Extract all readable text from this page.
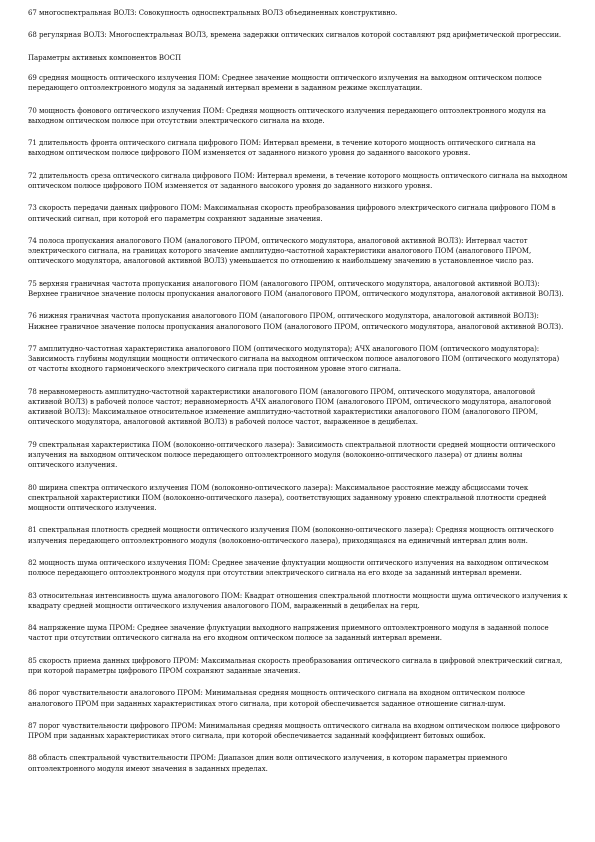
67 многоспектральная ВОЛЗ: Совокупность односпектральных ВОЛЗ объединенных конструктивно.

68 регулярная ВОЛЗ: Многоспектральная ВОЛЗ, времена задержки оптических сигналов которой составляют ряд арифметической прогрессии.

Параметры активных компонентов ВОСП

69 средняя мощность оптического излучения ПОМ: Среднее значение мощности оптического излучения на выходном оптическом полюсе передающего оптоэлектронного модуля за заданный интервал времени в заданном режиме эксплуатации.

70 мощность фонового оптического излучения ПОМ: Средняя мощность оптического излучения передающего оптоэлектронного модуля на выходном оптическом полюсе при отсутствии электрического сигнала на входе.

71 длительность фронта оптического сигнала цифрового ПОМ: Интервал времени, в течение которого мощность оптического сигнала на выходном оптическом полюсе цифрового ПОМ изменяется от заданного низкого уровня до заданного высокого уровня.

72 длительность среза оптического сигнала цифрового ПОМ: Интервал времени, в течение которого мощность оптического сигнала на выходном оптическом полюсе цифрового ПОМ изменяется от заданного высокого уровня до заданного низкого уровня.

73 скорость передачи данных цифрового ПОМ: Максимальная скорость преобразования цифрового электрического сигнала цифрового ПОМ в оптический сигнал, при которой его параметры сохраняют заданные значения.

74 полоса пропускания аналогового ПОМ (аналогового ПРОМ, оптического модулятора, аналоговой активной ВОЛЗ): Интервал частот электрического сигнала, на границах которого значение амплитудно-частотной характеристики аналогового ПОМ (аналогового ПРОМ, оптического модулятора, аналоговой активной ВОЛЗ) уменьшается по отношению к наибольшему значению в установленное число раз.

75 верхняя граничная частота пропускания аналогового ПОМ (аналогового ПРОМ, оптического модулятора, аналоговой активной ВОЛЗ): Верхнее граничное значение полосы пропускания аналогового ПОМ (аналогового ПРОМ, оптического модулятора, аналоговой активной ВОЛЗ).

76 нижняя граничная частота пропускания аналогового ПОМ (аналогового ПРОМ, оптического модулятора, аналоговой активной ВОЛЗ): Нижнее граничное значение полосы пропускания аналогового ПОМ (аналогового ПРОМ, оптического модулятора, аналоговой активной ВОЛЗ).

77 амплитудно-частотная характеристика аналогового ПОМ (оптического модулятора); АЧХ аналогового ПОМ (оптического модулятора): Зависимость глубины модуляции мощности оптического сигнала на выходном оптическом полюсе аналогового ПОМ (оптического модулятора) от частоты входного гармонического электрического сигнала при постоянном уровне этого сигнала.

78 неравномерность амплитудно-частотной характеристики аналогового ПОМ (аналогового ПРОМ, оптического модулятора, аналоговой активной ВОЛЗ) в рабочей полосе частот; неравномерность АЧХ аналогового ПОМ (аналогового ПРОМ, оптического модулятора, аналоговой активной ВОЛЗ): Максимальное относительное изменение амплитудно-частотной характеристики аналогового ПОМ (аналогового ПРОМ, оптического модулятора, аналоговой активной ВОЛЗ) в рабочей полосе частот, выраженное в децибелах.

79 спектральная характеристика ПОМ (волоконно-оптического лазера): Зависимость спектральной плотности средней мощности оптического излучения на выходном оптическом полюсе передающего оптоэлектронного модуля (волоконно-оптического лазера) от длины волны оптического излучения.

80 ширина спектра оптического излучения ПОМ (волоконно-оптического лазера): Максимальное расстояние между абсциссами точек спектральной характеристики ПОМ (волоконно-оптического лазера), соответствующих заданному уровню спектральной плотности средней мощности оптического излучения.

81 спектральная плотность средней мощности оптического излучения ПОМ (волоконно-оптического лазера): Средняя мощность оптического излучения передающего оптоэлектронного модуля (волоконно-оптического лазера), приходящаяся на единичный интервал длин волн.

82 мощность шума оптического излучения ПОМ: Среднее значение флуктуации мощности оптического излучения на выходном оптическом полюсе передающего оптоэлектронного модуля при отсутствии электрического сигнала на его входе за заданный интервал времени.

83 относительная интенсивность шума аналогового ПОМ: Квадрат отношения спектральной плотности мощности шума оптического излучения к квадрату средней мощности оптического излучения аналогового ПОМ, выраженный в децибелах на герц.

84 напряжение шума ПРОМ: Среднее значение флуктуации выходного напряжения приемного оптоэлектронного модуля в заданной полосе частот при отсутствии оптического сигнала на его входном оптическом полюсе за заданный интервал времени.

85 скорость приема данных цифрового ПРОМ: Максимальная скорость преобразования оптического сигнала в цифровой электрический сигнал, при которой параметры цифрового ПРОМ сохраняют заданные значения.

86 порог чувствительности аналогового ПРОМ: Минимальная средняя мощность оптического сигнала на входном оптическом полюсе аналогового ПРОМ при заданных характеристиках этого сигнала, при которой обеспечивается заданное отношение сигнал-шум.

87 порог чувствительности цифрового ПРОМ: Минимальная средняя мощность оптического сигнала на входном оптическом полюсе цифрового ПРОМ при заданных характеристиках этого сигнала, при которой обеспечивается заданный коэффициент битовых ошибок.

88 область спектральной чувствительности ПРОМ: Диапазон длин волн оптического излучения, в котором параметры приемного оптоэлектронного модуля имеют значения в заданных пределах.
